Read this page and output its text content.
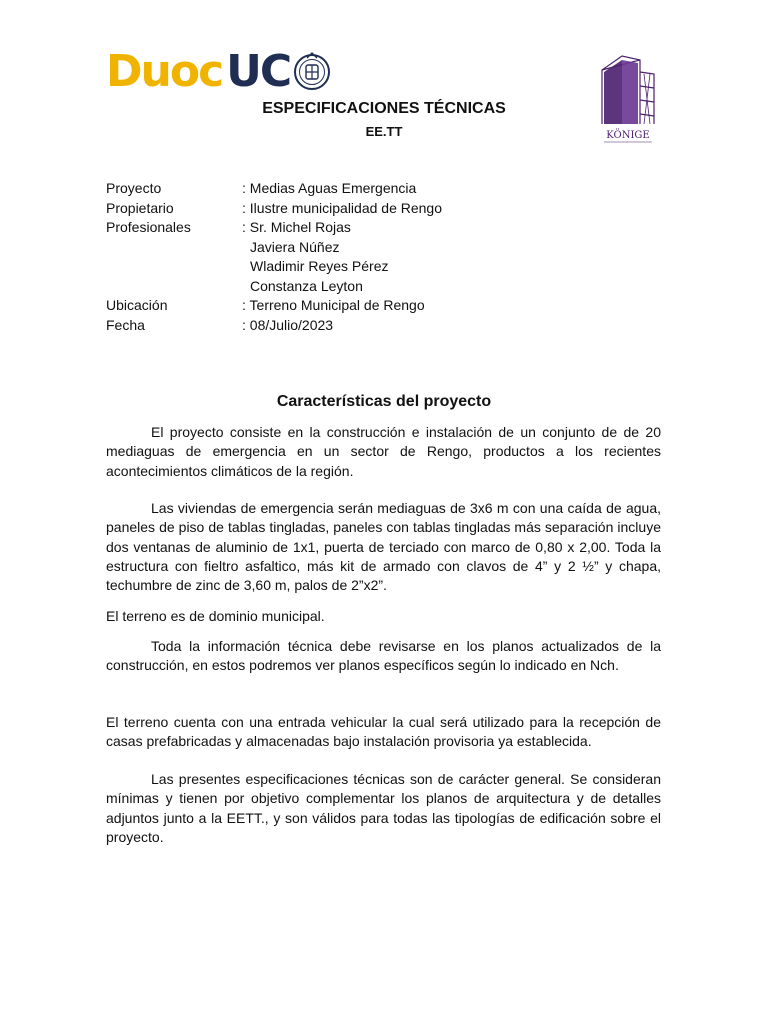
Duoc UC
KÖNIGE
ESPECIFICACIONES TÉCNICAS
EE.TT
Proyecto	: Medias Aguas Emergencia
Propietario	: Ilustre municipalidad de Rengo
Profesionales	: Sr. Michel Rojas
Javiera Núñez
Wladimir Reyes Pérez
Constanza Leyton
Ubicación	: Terreno Municipal de Rengo
Fecha	: 08/Julio/2023
Características del proyecto

El proyecto consiste en la construcción e instalación de un conjunto de de 20 mediaguas de emergencia en un sector de Rengo, productos a los recientes acontecimientos climáticos de la región.

Las viviendas de emergencia serán mediaguas de 3x6 m con una caída de agua, paneles de piso de tablas tingladas, paneles con tablas tingladas más separación incluye dos ventanas de aluminio de 1x1, puerta de terciado con marco de 0,80 x 2,00. Toda la estructura con fieltro asfaltico, más kit de armado con clavos de 4” y 2 ½” y chapa, techumbre de zinc de 3,60 m, palos de 2”x2”.

El terreno es de dominio municipal.

Toda la información técnica debe revisarse en los planos actualizados de la construcción, en estos podremos ver planos específicos según lo indicado en Nch.

El terreno cuenta con una entrada vehicular la cual será utilizado para la recepción de casas prefabricadas y almacenadas bajo instalación provisoria ya establecida.

Las presentes especificaciones técnicas son de carácter general. Se consideran mínimas y tienen por objetivo complementar los planos de arquitectura y de detalles adjuntos junto a la EETT., y son válidos para todas las tipologías de edificación sobre el proyecto.
